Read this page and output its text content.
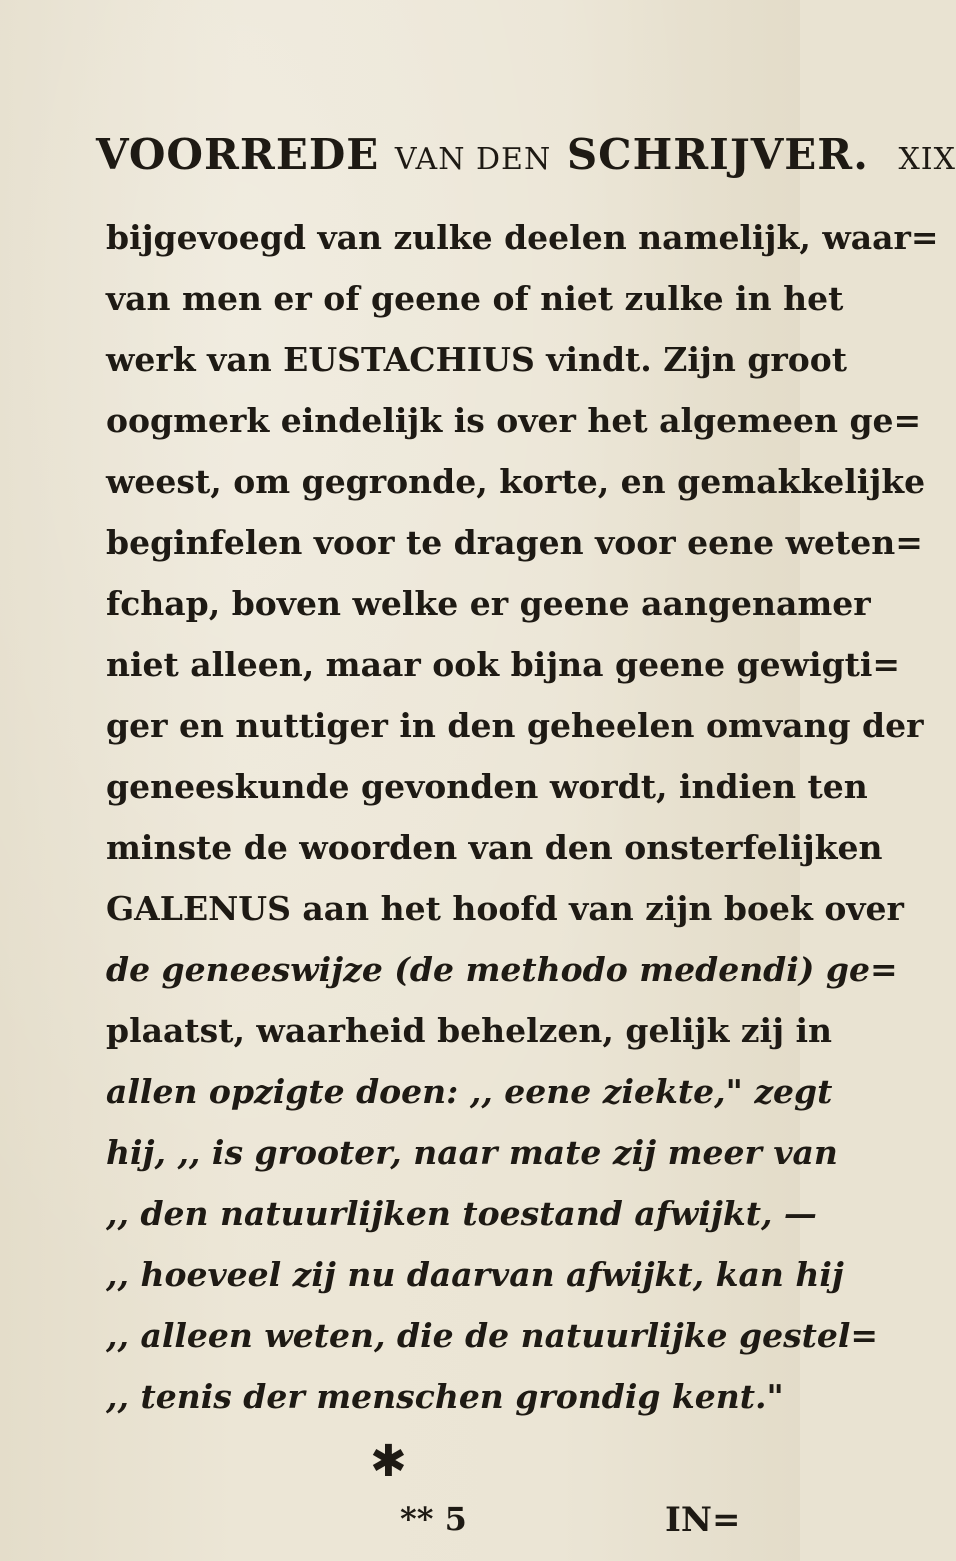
VOORREDE VAN DEN SCHRIJVER. XIX
bijgevoegd van zulke deelen namelijk, waar=
van men er of geene of niet zulke in het
werk van EUSTACHIUS vindt. Zijn groot
oogmerk eindelijk is over het algemeen ge=
weest, om gegronde, korte, en gemakkelijke
beginfelen voor te dragen voor eene weten=
fchap, boven welke er geene aangenamer
niet alleen, maar ook bijna geene gewigti=
ger en nuttiger in den geheelen omvang der
geneeskunde gevonden wordt, indien ten
minste de woorden van den onsterfelijken
GALENUS aan het hoofd van zijn boek over
de geneeswijze (de methodo medendi) ge=
plaatst, waarheid behelzen, gelijk zij in
allen opzigte doen: ,, eene ziekte," zegt
hij, ,, is grooter, naar mate zij meer van
,, den natuurlijken toestand afwijkt, —
,, hoeveel zij nu daarvan afwijkt, kan hij
,, alleen weten, die de natuurlijke gestel=
,, tenis der menschen grondig kent."
✱
** 5	IN=
